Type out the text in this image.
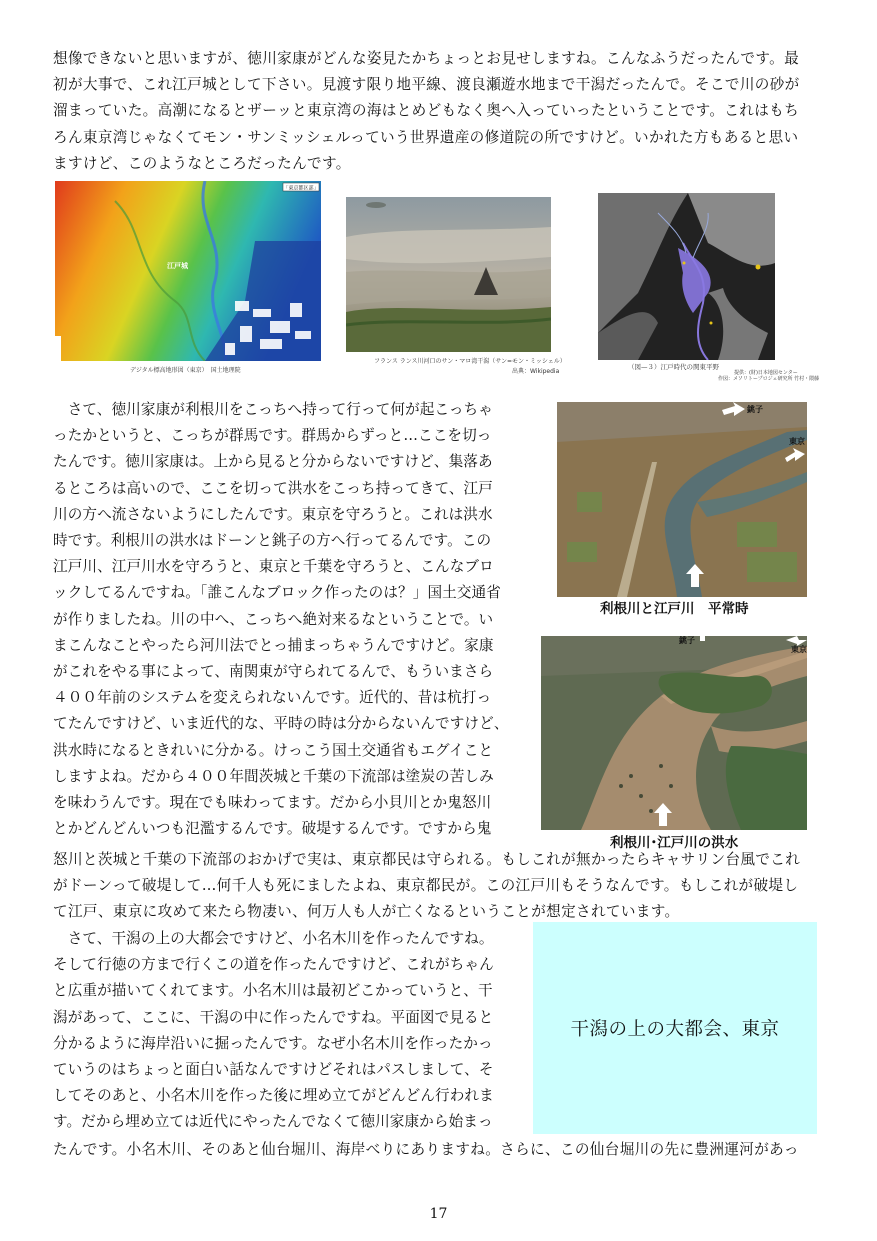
想像できないと思いますが、徳川家康がどんな姿見たかちょっとお見せしますね。こんなふうだったんです。最
初が大事で、これ江戸城として下さい。見渡す限り地平線、渡良瀬遊水地まで干潟だったんで。そこで川の砂が
溜まっていた。高潮になるとザーッと東京湾の海はとめどもなく奥へ入っていったということです。これはもち
ろん東京湾じゃなくてモン・サンミッシェルっていう世界遺産の修道院の所ですけど。いかれた方もあると思い
ますけど、このようなところだったんです。
「東京都区部」
江戸城
デジタル標高地形図（東京）　国土地理院
フランス ランス川河口のサン・マロ湾干潟（サン=モン・ミッシェル）
出典：Wikipedia
（図—３）江戸時代の関東平野
提供：(財)日本地図センター
作図：メソリトープロジェ研究所 竹村・隈藤
　さて、徳川家康が利根川をこっちへ持って行って何が起こっちゃ
ったかというと、こっちが群馬です。群馬からずっと…ここを切っ
たんです。徳川家康は。上から見ると分からないですけど、集落あ
るところは高いので、ここを切って洪水をこっち持ってきて、江戸
川の方へ流さないようにしたんです。東京を守ろうと。これは洪水
時です。利根川の洪水はドーンと銚子の方へ行ってるんです。この
江戸川、江戸川水を守ろうと、東京と千葉を守ろうと、こんなブロ
ックしてるんですね。「誰こんなブロック作ったのは？」国土交通省
が作りましたね。川の中へ、こっちへ絶対来るなということで。い
まこんなことやったら河川法でとっ捕まっちゃうんですけど。家康
がこれをやる事によって、南関東が守られてるんで、もういまさら
４００年前のシステムを変えられないんです。近代的、昔は杭打っ
てたんですけど、いま近代的な、平時の時は分からないんですけど、
洪水時になるときれいに分かる。けっこう国土交通省もエグイこと
しますよね。だから４００年間茨城と千葉の下流部は塗炭の苦しみ
を味わうんです。現在でも味わってます。だから小貝川とか鬼怒川
とかどんどんいつも氾濫するんです。破堤するんです。ですから鬼
銚子
東京
利根川と江戸川　平常時
銚子
東京
利根川･江戸川の洪水
怒川と茨城と千葉の下流部のおかげで実は、東京都民は守られる。もしこれが無かったらキャサリン台風でこれ
がドーンって破堤して…何千人も死にましたよね、東京都民が。この江戸川もそうなんです。もしこれが破堤し
て江戸、東京に攻めて来たら物凄い、何万人も人が亡くなるということが想定されています。
　さて、干潟の上の大都会ですけど、小名木川を作ったんですね。
そして行徳の方まで行くこの道を作ったんですけど、これがちゃん
と広重が描いてくれてます。小名木川は最初どこかっていうと、干
潟があって、ここに、干潟の中に作ったんですね。平面図で見ると
分かるように海岸沿いに掘ったんです。なぜ小名木川を作ったかっ
ていうのはちょっと面白い話なんですけどそれはパスしまして、そ
してそのあと、小名木川を作った後に埋め立てがどんどん行われま
す。だから埋め立ては近代にやったんでなくて徳川家康から始まっ
干潟の上の大都会、東京
たんです。小名木川、そのあと仙台堀川、海岸べりにありますね。さらに、この仙台堀川の先に豊洲運河があっ
17
